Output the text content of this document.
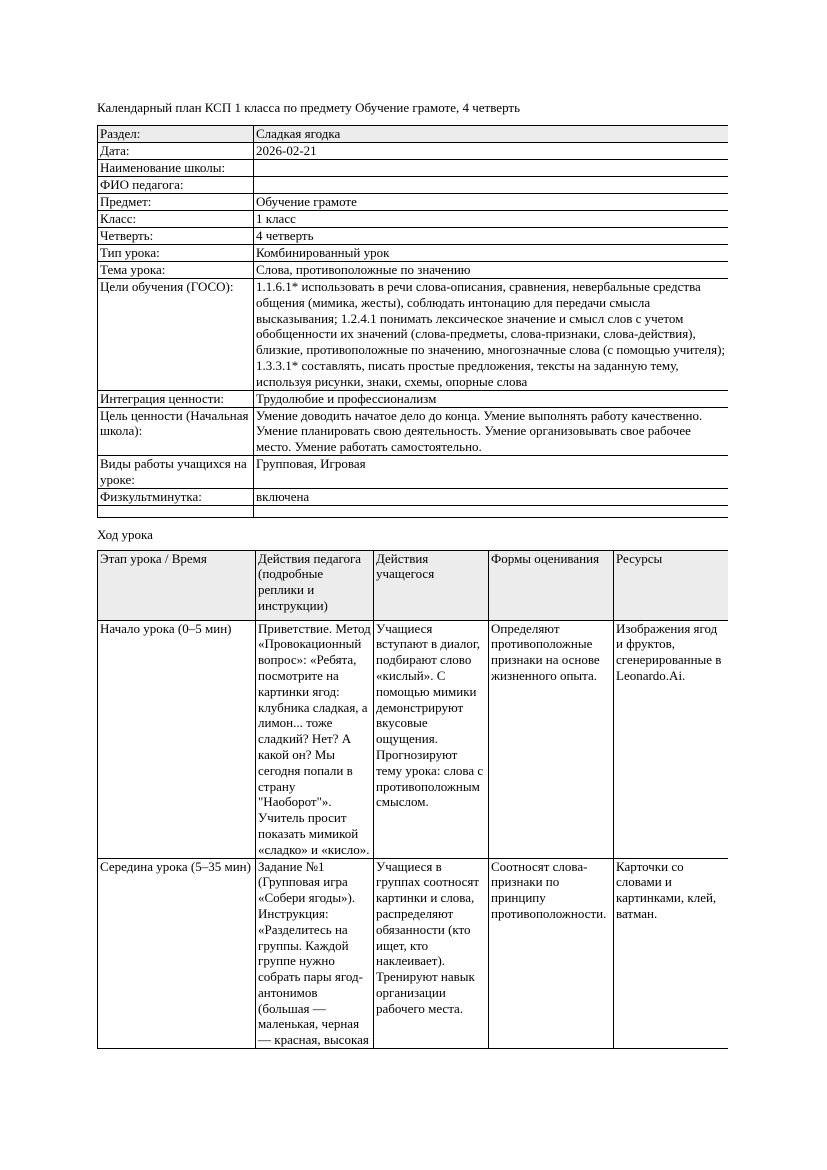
Календарный план КСП 1 класса по предмету Обучение грамоте, 4 четверть
Раздел:	Сладкая ягодка
Дата:	2026-02-21
Наименование школы:	
ФИО педагога:	
Предмет:	Обучение грамоте
Класс:	1 класс
Четверть:	4 четверть
Тип урока:	Комбинированный урок
Тема урока:	Слова, противоположные по значению
Цели обучения (ГОСО):	1.1.6.1* использовать в речи слова-описания, сравнения, невербальные средства общения (мимика, жесты), соблюдать интонацию для передачи смысла высказывания; 1.2.4.1 понимать лексическое значение и смысл слов с учетом обобщенности их значений (слова-предметы, слова-признаки, слова-действия), близкие, противоположные по значению, многозначные слова (с помощью учителя); 1.3.3.1* составлять, писать простые предложения, тексты на заданную тему, используя рисунки, знаки, схемы, опорные слова
Интеграция ценности:	Трудолюбие и профессионализм
Цель ценности (Начальная школа):	Умение доводить начатое дело до конца. Умение выполнять работу качественно. Умение планировать свою деятельность. Умение организовывать свое рабочее место. Умение работать самостоятельно.
Виды работы учащихся на уроке:	Групповая, Игровая
Физкультминутка:	включена

Ход урока
Этап урока / Время	Действия педагога (подробные реплики и инструкции)	Действия учащегося	Формы оценивания	Ресурсы
Начало урока (0–5 мин)	Приветствие. Метод «Провокационный вопрос»: «Ребята, посмотрите на картинки ягод: клубника сладкая, а лимон... тоже сладкий? Нет? А какой он? Мы сегодня попали в страну "Наоборот"». Учитель просит показать мимикой «сладко» и «кисло».	Учащиеся вступают в диалог, подбирают слово «кислый». С помощью мимики демонстрируют вкусовые ощущения. Прогнозируют тему урока: слова с противоположным смыслом.	Определяют противоположные признаки на основе жизненного опыта.	Изображения ягод и фруктов, сгенерированные в Leonardo.Ai.
Середина урока (5–35 мин)	Задание №1 (Групповая игра «Собери ягоды»). Инструкция: «Разделитесь на группы. Каждой группе нужно собрать пары ягод-антонимов (большая — маленькая, черная — красная, высокая	Учащиеся в группах соотносят картинки и слова, распределяют обязанности (кто ищет, кто наклеивает). Тренируют навык организации рабочего места.	Соотносят слова-признаки по принципу противоположности.	Карточки со словами и картинками, клей, ватман.
